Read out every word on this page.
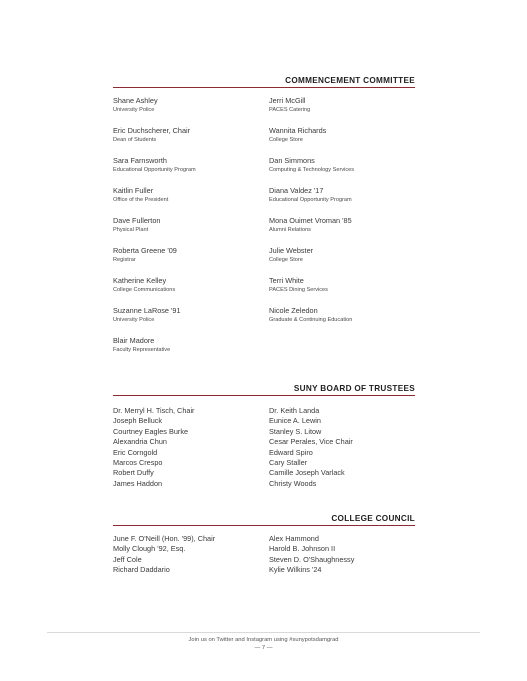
COMMENCEMENT COMMITTEE
Shane Ashley
University Police
Eric Duchscherer, Chair
Dean of Students
Sara Farnsworth
Educational Opportunity Program
Kaitlin Fuller
Office of the President
Dave Fullerton
Physical Plant
Roberta Greene '09
Registrar
Katherine Kelley
College Communications
Suzanne LaRose '91
University Police
Blair Madore
Faculty Representative
Jerri McGill
PACES Catering
Wannita Richards
College Store
Dan Simmons
Computing & Technology Services
Diana Valdez '17
Educational Opportunity Program
Mona Ouimet Vroman '85
Alumni Relations
Julie Webster
College Store
Terri White
PACES Dining Services
Nicole Zeledon
Graduate & Continuing Education
SUNY BOARD OF TRUSTEES
Dr. Merryl H. Tisch, Chair
Joseph Belluck
Courtney Eagles Burke
Alexandria Chun
Eric Corngold
Marcos Crespo
Robert Duffy
James Haddon
Dr. Keith Landa
Eunice A. Lewin
Stanley S. Litow
Cesar Perales, Vice Chair
Edward Spiro
Cary Staller
Camille Joseph Varlack
Christy Woods
COLLEGE COUNCIL
June F. O'Neill (Hon. '99), Chair
Molly Clough '92, Esq.
Jeff Cole
Richard Daddario
Alex Hammond
Harold B. Johnson II
Steven D. O'Shaughnessy
Kylie Wilkins '24
Join us on Twitter and Instagram using #sunypotsdamgrad
— 7 —
